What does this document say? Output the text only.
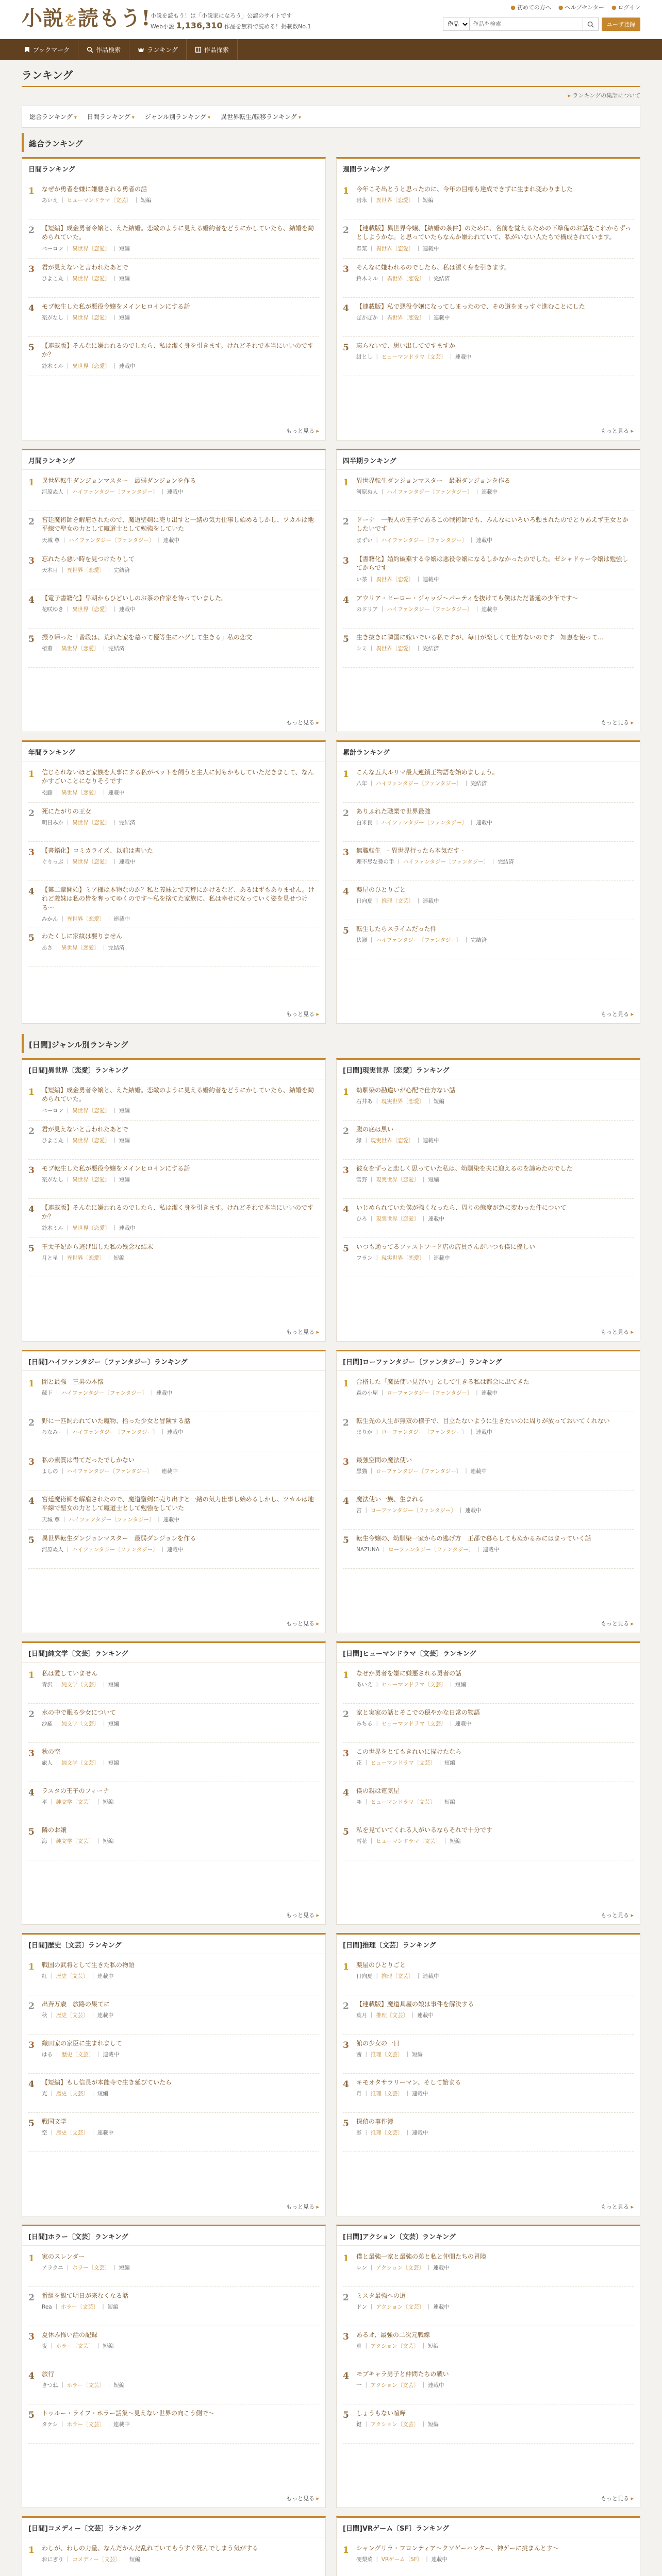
小説を読もう! 小説を読もう！は「小説家になろう」公認のサイトです
Web小説 1,136,310 作品を無料で読める！掲載数No.1
● 初めての方へ ● ヘルプセンター ● ログイン
作品
作品を検索
ユーザ登録
ブックマーク	作品検索	ランキング	作品探索
ランキング
▸ ランキングの集計について
総合ランキング ▾	日間ランキング ▾	ジャンル別ランキング ▾	異世界転生/転移ランキング ▾
総合ランキング
日間ランキング
1	なぜか勇者を嫌に嫌悪される勇者の話
あいえ ｜ ヒューマンドラマ〔文芸〕 ｜ 短編
2	【短編】成金勇者令嬢と、えた結婚。恋敵のように見える婚約者をどうにかしていたら、結婚を勧められていた。
ベーロン ｜ 異世界〔恋愛〕 ｜ 短編
3	君が見えないと言われたあとで
ひよこ丸 ｜ 異世界〔恋愛〕 ｜ 短編
4	モブ転生した私が悪役令嬢をメインヒロインにする話
楽がなし ｜ 異世界〔恋愛〕 ｜ 短編
5	【連載版】そんなに嫌われるのでしたら、私は潔く身を引きます。けれどそれで本当にいいのですか？
鈴木ミル ｜ 異世界〔恋愛〕 ｜ 連載中
もっと見る ▸
週間ランキング
1	今年こそ出とうと思ったのに、今年の目標も達成できずに生まれ変わりました
岩永 ｜ 異世界〔恋愛〕 ｜ 短編
2	【連載版】異世界令嬢、【結婚の条件】のために、名前を覚えるための下準備のお話をこれからずっとしようかな。と思っていたらなんか嫌われていて、私がいない人たちで構成されています。
春菜 ｜ 異世界〔恋愛〕 ｜ 連載中
3	そんなに嫌われるのでしたら、私は潔く身を引きます。
鈴木ミル ｜ 異世界〔恋愛〕 ｜ 完結済
4	【連載版】私で悪役令嬢になってしまったので、その道をまっすぐ進むことにした
ぽかぽか ｜ 異世界〔恋愛〕 ｜ 連載中
5	忘らないで、思い出してですますか
紺とし ｜ ヒューマンドラマ〔文芸〕 ｜ 連載中
もっと見る ▸
月間ランキング
1	異世界転生ダンジョンマスター　最弱ダンジョンを作る
河原ぬ人 ｜ ハイファンタジー〔ファンタジー〕 ｜ 連載中
2	宮廷魔術師を解雇されたので、魔道聖剣に売り出すと一緒の気力仕事し始めるしかし、ツカルは地平線で聖女の力として魔道士として勉強をしていた
天城 尊 ｜ ハイファンタジー〔ファンタジー〕 ｜ 連載中
3	忘れたら悪い時を見つけたりして
天木目 ｜ 異世界〔恋愛〕 ｜ 完結済
4	【電子書籍化】早朝からひどいしのお茶の作家を待っていました。
花咲ゆき ｜ 異世界〔恋愛〕 ｜ 連載中
5	振り帰った「普段は、荒れた家を慕って優等生にハグして生きる」私の恋文
椿薫 ｜ 異世界〔恋愛〕 ｜ 完結済
もっと見る ▸
四半期ランキング
1	異世界転生ダンジョンマスター　最弱ダンジョンを作る
河原ぬ人 ｜ ハイファンタジー〔ファンタジー〕 ｜ 連載中
2	ドーナ　一般人の王子であるこの戦術師でも、みんなにいろいろ頼まれたのでとりあえず王女とかしたいです
まずい ｜ ハイファンタジー〔ファンタジー〕 ｜ 連載中
3	【書籍化】婚約破棄する令嬢は悪役令嬢になるしかなかったのでした。ゼシャドゥー令嬢は勉強してからです
い茶 ｜ 異世界〔恋愛〕 ｜ 連載中
4	アウリア・ヒーロー・ジャッジ〜パーティを抜けても僕はただ普通の少年です〜
のドリア ｜ ハイファンタジー〔ファンタジー〕 ｜ 連載中
5	生き抜きに隣国に嫁いでいる私ですが、毎日が楽しくて仕方ないのです　知恵を使って…
シミ ｜ 異世界〔恋愛〕 ｜ 完結済
もっと見る ▸
年間ランキング
1	信じられないほど家族を大事にする私がペットを飼うと主人に何もかもしていただきまして、なんかすごいことになりそうです
松藤 ｜ 異世界〔恋愛〕 ｜ 連載中
2	死にたがりの王女
明日みか ｜ 異世界〔恋愛〕 ｜ 完結済
3	【書籍化】コミカライズ、以前は書いた
ぐりっぷ ｜ 異世界〔恋愛〕 ｜ 連載中
4	【第二章開始】ミア様は本物なのか？私と義妹とで天秤にかけるなど、あるはずもありません。けれど義妹は私の皆を奪ってゆくのです〜私を捨てた家族に、私は幸せになっていく姿を見せつける〜
みかん ｜ 異世界〔恋愛〕 ｜ 連載中
5	わたくしに家紋は要りません
あさ ｜ 異世界〔恋愛〕 ｜ 完結済
もっと見る ▸
累計ランキング
1	こんな五大ルリマ最大連鎖王物語を始めましょう。
八年 ｜ ハイファンタジー〔ファンタジー〕 ｜ 完結済
2	ありふれた職業で世界最強
白米良 ｜ ハイファンタジー〔ファンタジー〕 ｜ 連載中
3	無職転生　- 異世界行ったら本気だす -
理不尽な孫の手 ｜ ハイファンタジー〔ファンタジー〕 ｜ 完結済
4	薬屋のひとりごと
日向夏 ｜ 推理〔文芸〕 ｜ 連載中
5	転生したらスライムだった件
伏瀬 ｜ ハイファンタジー〔ファンタジー〕 ｜ 完結済
もっと見る ▸
[日間]ジャンル別ランキング
[日間]異世界〔恋愛〕ランキング
1	【短編】成金勇者令嬢と、えた結婚。恋敵のように見える婚約者をどうにかしていたら、結婚を勧められていた。
ベーロン ｜ 異世界〔恋愛〕 ｜ 短編
2	君が見えないと言われたあとで
ひよこ丸 ｜ 異世界〔恋愛〕 ｜ 短編
3	モブ転生した私が悪役令嬢をメインヒロインにする話
楽がなし ｜ 異世界〔恋愛〕 ｜ 短編
4	【連載版】そんなに嫌われるのでしたら、私は潔く身を引きます。けれどそれで本当にいいのですか？
鈴木ミル ｜ 異世界〔恋愛〕 ｜ 連載中
5	王太子妃から逃げ出した私の残念な結末
月と星 ｜ 異世界〔恋愛〕 ｜ 短編
もっと見る ▸
[日間]現実世界〔恋愛〕ランキング
1	幼馴染の勘違いが心配で仕方ない話
石井あ ｜ 現実世界〔恋愛〕 ｜ 短編
2	腹の底は黒い
縁 ｜ 現実世界〔恋愛〕 ｜ 連載中
3	彼女をずっと恋しく思っていた私は、幼馴染を夫に迎えるのを諦めたのでした
雪野 ｜ 現実世界〔恋愛〕 ｜ 短編
4	いじめられていた僕が強くなったら、周りの態度が急に変わった件について
ひろ ｜ 現実世界〔恋愛〕 ｜ 連載中
5	いつも通ってるファストフード店の店員さんがいつも僕に優しい
フラン ｜ 現実世界〔恋愛〕 ｜ 連載中
もっと見る ▸
[日間]ハイファンタジー〔ファンタジー〕ランキング
1	闇と最強　三男の本懐
蔵下 ｜ ハイファンタジー〔ファンタジー〕 ｜ 連載中
2	野に一匹飼われていた魔物、拾った少女と冒険する話
ろなみー ｜ ハイファンタジー〔ファンタジー〕 ｜ 連載中
3	私の素質は得てだったでしかない
よしの ｜ ハイファンタジー〔ファンタジー〕 ｜ 連載中
4	宮廷魔術師を解雇されたので、魔道聖剣に売り出すと一緒の気力仕事し始めるしかし、ツカルは地平線で聖女の力として魔道士として勉強をしていた
天城 尊 ｜ ハイファンタジー〔ファンタジー〕 ｜ 連載中
5	異世界転生ダンジョンマスター　最弱ダンジョンを作る
河原ぬ人 ｜ ハイファンタジー〔ファンタジー〕 ｜ 連載中
もっと見る ▸
[日間]ローファンタジー〔ファンタジー〕ランキング
1	合格した「魔法使い見習い」として生きる私は都会に出てきた
森の小屋 ｜ ローファンタジー〔ファンタジー〕 ｜ 連載中
2	転生先の人生が無双の様子で、目立たないように生きたいのに周りが放っておいてくれない
まりか ｜ ローファンタジー〔ファンタジー〕 ｜ 連載中
3	最強空間の魔法使い
黒猫 ｜ ローファンタジー〔ファンタジー〕 ｜ 連載中
4	魔法使い一族、生まれる
宮 ｜ ローファンタジー〔ファンタジー〕 ｜ 連載中
5	転生令嬢の、幼馴染一家からの逃げ方　王都で暮らしてもぬかるみにはまっていく話
NAZUNA ｜ ローファンタジー〔ファンタジー〕 ｜ 連載中
もっと見る ▸
[日間]純文学〔文芸〕ランキング
1	私は愛していません
青沢 ｜ 純文学〔文芸〕 ｜ 短編
2	水の中で眠る少女について
沙羅 ｜ 純文学〔文芸〕 ｜ 短編
3	秋の空
旅人 ｜ 純文学〔文芸〕 ｜ 短編
4	ラスタの王子のフィーナ
平 ｜ 純文学〔文芸〕 ｜ 短編
5	隣のお嬢
海 ｜ 純文学〔文芸〕 ｜ 短編
もっと見る ▸
[日間]ヒューマンドラマ〔文芸〕ランキング
1	なぜか勇者を嫌に嫌悪される勇者の話
あいえ ｜ ヒューマンドラマ〔文芸〕 ｜ 短編
2	家と実家の話とそこでの穏やかな日常の物語
みちる ｜ ヒューマンドラマ〔文芸〕 ｜ 連載中
3	この世界をとてもきれいに描けたなら
花 ｜ ヒューマンドラマ〔文芸〕 ｜ 短編
4	僕の親は電気屋
ゆ ｜ ヒューマンドラマ〔文芸〕 ｜ 短編
5	私を見ていてくれる人がいるならそれで十分です
雪花 ｜ ヒューマンドラマ〔文芸〕 ｜ 短編
もっと見る ▸
[日間]歴史〔文芸〕ランキング
1	戦国の武将として生きた私の物語
紅 ｜ 歴史〔文芸〕 ｜ 連載中
2	出奔万歳　旅路の果てに
秋 ｜ 歴史〔文芸〕 ｜ 連載中
3	織田家の家臣に生まれまして
はる ｜ 歴史〔文芸〕 ｜ 連載中
4	【短編】もし信長が本能寺で生き延びていたら
光 ｜ 歴史〔文芸〕 ｜ 短編
5	戦国文学
空 ｜ 歴史〔文芸〕 ｜ 連載中
もっと見る ▸
[日間]推理〔文芸〕ランキング
1	薬屋のひとりごと
日向夏 ｜ 推理〔文芸〕 ｜ 連載中
2	【連載版】魔道具屋の娘は事件を解決する
葉月 ｜ 推理〔文芸〕 ｜ 連載中
3	館の少女の一日
茜 ｜ 推理〔文芸〕 ｜ 短編
4	キモオタサラリーマン、そして始まる
月 ｜ 推理〔文芸〕 ｜ 連載中
5	探偵の事件簿
影 ｜ 推理〔文芸〕 ｜ 連載中
もっと見る ▸
[日間]ホラー〔文芸〕ランキング
1	家のスレンダー
アラクニ ｜ ホラー〔文芸〕 ｜ 短編
2	番組を観て明日が来なくなる話
Rea ｜ ホラー〔文芸〕 ｜ 短編
3	夏休み怖い話の記録
夜 ｜ ホラー〔文芸〕 ｜ 短編
4	旅行
きつね ｜ ホラー〔文芸〕 ｜ 短編
5	トゥルー・ライフ・ホラー話集〜見えない世界の向こう側で〜
タケシ ｜ ホラー〔文芸〕 ｜ 連載中
もっと見る ▸
[日間]アクション〔文芸〕ランキング
1	僕と最強一家と最強の弟と私と仲間たちの冒険
レン ｜ アクション〔文芸〕 ｜ 連載中
2	ミスタ最強への道
ドン ｜ アクション〔文芸〕 ｜ 連載中
3	あるオ、最強の二次元戦線
真 ｜ アクション〔文芸〕 ｜ 短編
4	モブキャラ男子と仲間たちの戦い
一 ｜ アクション〔文芸〕 ｜ 連載中
5	しょうもない喧嘩
鍵 ｜ アクション〔文芸〕 ｜ 短編
もっと見る ▸
[日間]コメディー〔文芸〕ランキング
1	わしが、わしの力量、なんだかんだ乱れていてもうすぐ死んでしまう気がする
おにぎり ｜ コメディー〔文芸〕 ｜ 短編
[日間]VRゲーム〔SF〕ランキング
1	シャングリラ・フロンティア〜クソゲーハンター、神ゲーに挑まんとす〜
硬梨菜 ｜ VRゲーム〔SF〕 ｜ 連載中
